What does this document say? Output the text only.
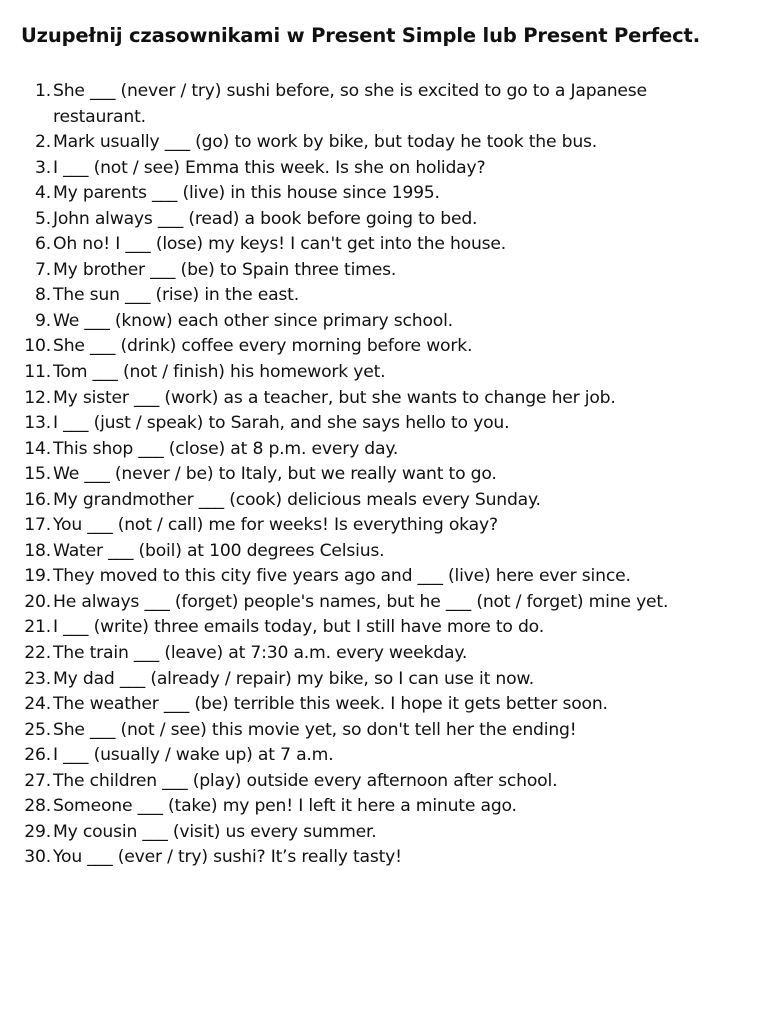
Uzupełnij czasownikami w Present Simple lub Present Perfect.
1. She ___ (never / try) sushi before, so she is excited to go to a Japanese restaurant.
2. Mark usually ___ (go) to work by bike, but today he took the bus.
3. I ___ (not / see) Emma this week. Is she on holiday?
4. My parents ___ (live) in this house since 1995.
5. John always ___ (read) a book before going to bed.
6. Oh no! I ___ (lose) my keys! I can't get into the house.
7. My brother ___ (be) to Spain three times.
8. The sun ___ (rise) in the east.
9. We ___ (know) each other since primary school.
10. She ___ (drink) coffee every morning before work.
11. Tom ___ (not / finish) his homework yet.
12. My sister ___ (work) as a teacher, but she wants to change her job.
13. I ___ (just / speak) to Sarah, and she says hello to you.
14. This shop ___ (close) at 8 p.m. every day.
15. We ___ (never / be) to Italy, but we really want to go.
16. My grandmother ___ (cook) delicious meals every Sunday.
17. You ___ (not / call) me for weeks! Is everything okay?
18. Water ___ (boil) at 100 degrees Celsius.
19. They moved to this city five years ago and ___ (live) here ever since.
20. He always ___ (forget) people's names, but he ___ (not / forget) mine yet.
21. I ___ (write) three emails today, but I still have more to do.
22. The train ___ (leave) at 7:30 a.m. every weekday.
23. My dad ___ (already / repair) my bike, so I can use it now.
24. The weather ___ (be) terrible this week. I hope it gets better soon.
25. She ___ (not / see) this movie yet, so don't tell her the ending!
26. I ___ (usually / wake up) at 7 a.m.
27. The children ___ (play) outside every afternoon after school.
28. Someone ___ (take) my pen! I left it here a minute ago.
29. My cousin ___ (visit) us every summer.
30. You ___ (ever / try) sushi? It’s really tasty!
